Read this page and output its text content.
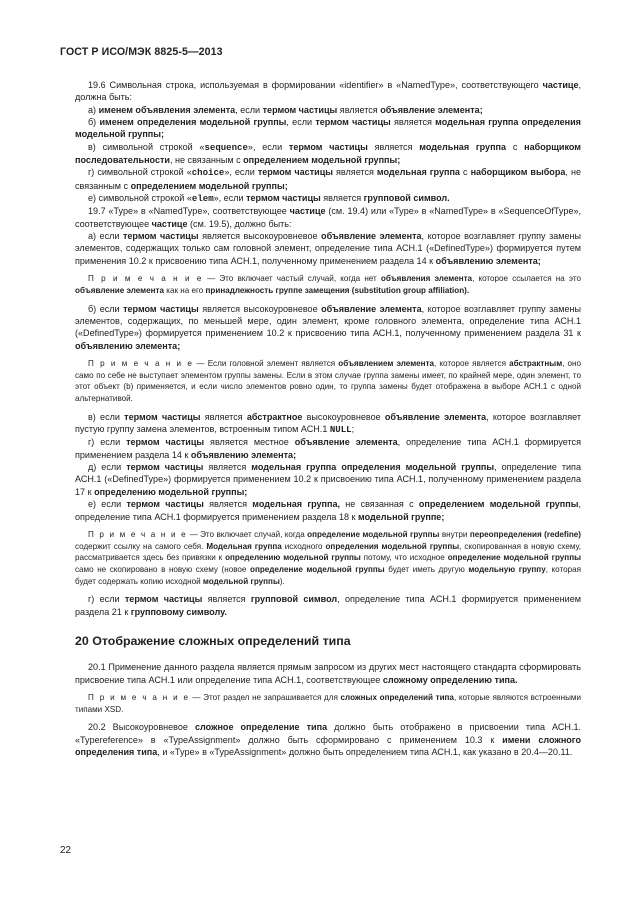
ГОСТ Р ИСО/МЭК 8825-5—2013

19.6 Символьная строка, используемая в формировании «identifier» в «NamedType», соответствующего частице, должна быть:

а) именем объявления элемента, если термом частицы является объявление элемента;

б) именем определения модельной группы, если термом частицы является модельная группа определения модельной группы;

в) символьной строкой «sequence», если термом частицы является модельная группа с наборщиком последовательности, не связанным с определением модельной группы;

г) символьной строкой «choice», если термом частицы является модельная группа с наборщиком выбора, не связанным с определением модельной группы;

е) символьной строкой «elem», если термом частицы является групповой символ.

19.7 «Type» в «NamedType», соответствующее частице (см. 19.4) или «Type» в «NamedType» в «SequenceOfType», соответствующее частице (см. 19.5), должно быть:

а) если термом частицы является высокоуровневое объявление элемента, которое возглавляет группу замены элементов, содержащих только сам головной элемент, определение типа АСН.1 («DefinedType») формируется путем применения 10.2 к присвоению типа АСН.1, полученному применением раздела 14 к объявлению элемента;

П р и м е ч а н и е — Это включает частый случай, когда нет объявления элемента, которое ссылается на это объявление элемента как на его принадлежность группе замещения (substitution group affiliation).

б) если термом частицы является высокоуровневое объявление элемента, которое возглавляет группу замены элементов, содержащих, по меньшей мере, один элемент, кроме головного элемента, определение типа АСН.1 («DefinedType») формируется применением 10.2 к присвоению типа АСН.1, полученному применением раздела 31 к объявлению элемента;

П р и м е ч а н и е — Если головной элемент является объявлением элемента, которое является абстрактным, оно само по себе не выступает элементом группы замены. Если в этом случае группа замены имеет, по крайней мере, один элемент, то этот объект (b) применяется, и если число элементов ровно один, то группа замены будет отображена в выборе АСН.1 с одной альтернативой.

в) если термом частицы является абстрактное высокоуровневое объявление элемента, которое возглавляет пустую группу замена элементов, встроенным типом АСН.1 NULL;

г) если термом частицы является местное объявление элемента, определение типа АСН.1 формируется применением раздела 14 к объявлению элемента;

д) если термом частицы является модельная группа определения модельной группы, определение типа АСН.1 («DefinedType») формируется применением 10.2 к присвоению типа АСН.1, полученному применением раздела 17 к определению модельной группы;

е) если термом частицы является модельная группа, не связанная с определением модельной группы, определение типа АСН.1 формируется применением раздела 18 к модельной группе;

П р и м е ч а н и е — Это включает случай, когда определение модельной группы внутри переопределения (redefine) содержит ссылку на самого себя. Модельная группа исходного определения модельной группы, скопированная в новую схему, рассматривается здесь без привязки к определению модельной группы потому, что исходное определение модельной группы само не скопировано в новую схему (новое определение модельной группы будет иметь другую модельную группу, которая будет содержать копию исходной модельной группы).

г) если термом частицы является групповой символ, определение типа АСН.1 формируется применением раздела 21 к групповому символу.

20 Отображение сложных определений типа

20.1 Применение данного раздела является прямым запросом из других мест настоящего стандарта сформировать присвоение типа АСН.1 или определение типа АСН.1, соответствующее сложному определению типа.

П р и м е ч а н и е — Этот раздел не запрашивается для сложных определений типа, которые являются встроенными типами XSD.

20.2 Высокоуровневое сложное определение типа должно быть отображено в присвоении типа АСН.1. «Typereference» в «TypeAssignment» должно быть сформировано с применением 10.3 к имени сложного определения типа, и «Type» в «TypeAssignment» должно быть определением типа АСН.1, как указано в 20.4—20.11.

22
